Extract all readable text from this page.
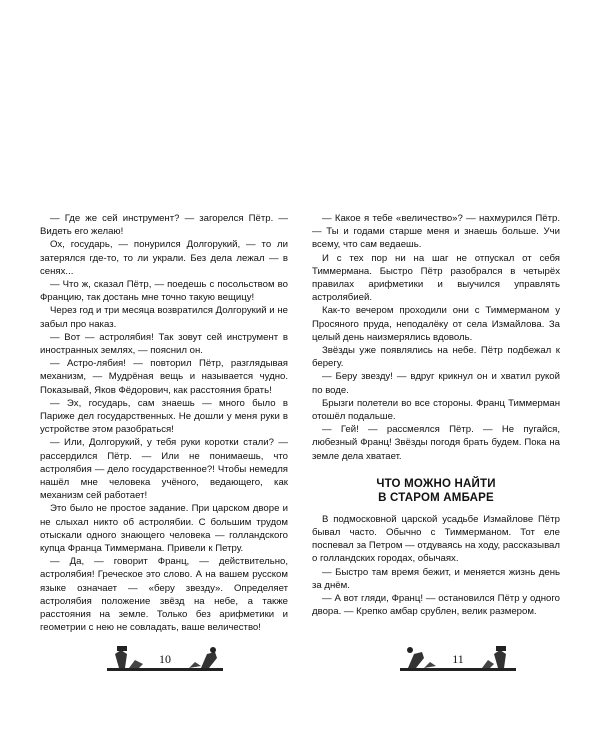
— Где же сей инструмент? — загорелся Пётр. — Видеть его желаю!

Ох, государь, — понурился Долгорукий, — то ли затерялся где-то, то ли украли. Без дела лежал — в сенях...

— Что ж, сказал Пётр, — поедешь с посольством во Францию, так достань мне точно такую вещицу!

Через год и три месяца возвратился Долгорукий и не забыл про наказ.

— Вот — астролябия! Так зовут сей инструмент в иностранных землях, — пояснил он.

— Астро-лябия! — повторил Пётр, разглядывая механизм, — Мудрёная вещь и называется чудно. Показывай, Яков Фёдорович, как расстояния брать!

— Эх, государь, сам знаешь — много было в Париже дел государственных. Не дошли у меня руки в устройстве этом разобраться!

— Или, Долгорукий, у тебя руки коротки стали? — рассердился Пётр. — Или не понимаешь, что астролябия — дело государственное?! Чтобы немедля нашёл мне человека учёного, ведающего, как механизм сей работает!

Это было не простое задание. При царском дворе и не слыхал никто об астролябии. С большим трудом отыскали одного знающего человека — голландского купца Франца Тиммермана. Привели к Петру.

— Да, — говорит Франц, — действительно, астролябия! Греческое это слово. А на вашем русском языке означает — «беру звезду». Определяет астролябия положение звёзд на небе, а также расстояния на земле. Только без арифметики и геометрии с нею не совладать, ваше величество!

— Какое я тебе «величество»? — нахмурился Пётр. — Ты и годами старше меня и знаешь больше. Учи всему, что сам ведаешь.

И с тех пор ни на шаг не отпускал от себя Тиммермана. Быстро Пётр разобрался в четырёх правилах арифметики и выучился управлять астролябией.

Как-то вечером проходили они с Тиммерманом у Просяного пруда, неподалёку от села Измайлова. За целый день наизмерялись вдоволь.

Звёзды уже появлялись на небе. Пётр подбежал к берегу.

— Беру звезду! — вдруг крикнул он и хватил рукой по воде.

Брызги полетели во все стороны. Франц Тиммерман отошёл подальше.

— Гей! — рассмеялся Пётр. — Не пугайся, любезный Франц! Звёзды погодя брать будем. Пока на земле дела хватает.

ЧТО МОЖНО НАЙТИ

В СТАРОМ АМБАРЕ

В подмосковной царской усадьбе Измайлове Пётр бывал часто. Обычно с Тиммерманом. Тот еле поспевал за Петром — отдуваясь на ходу, рассказывал о голландских городах, обычаях.

— Быстро там время бежит, и меняется жизнь день за днём.

— А вот гляди, Франц! — остановился Пётр у одного двора. — Крепко амбар срублен, велик размером.

10	11
